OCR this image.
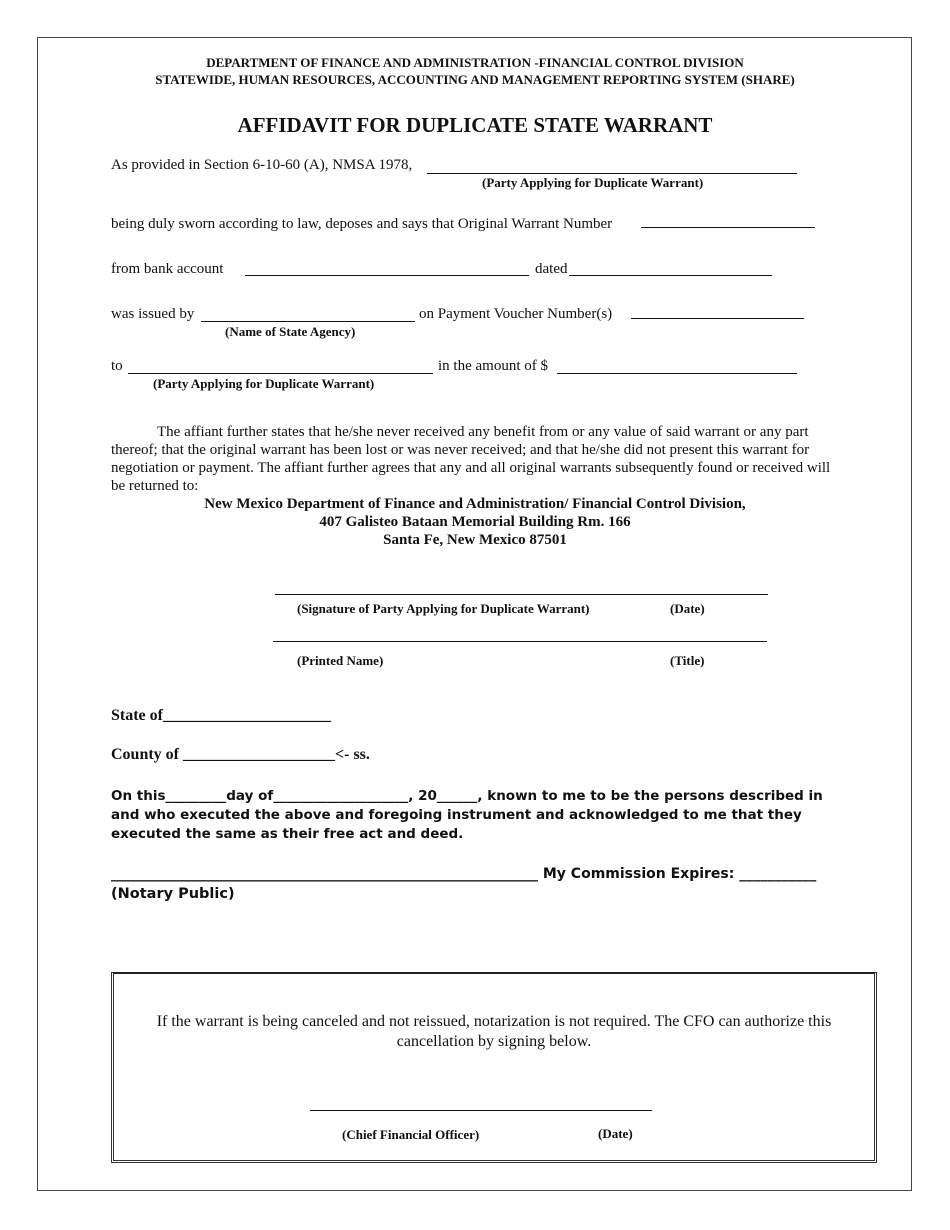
DEPARTMENT OF FINANCE AND ADMINISTRATION -FINANCIAL CONTROL DIVISION
STATEWIDE, HUMAN RESOURCES, ACCOUNTING AND MANAGEMENT REPORTING SYSTEM (SHARE)
AFFIDAVIT FOR DUPLICATE STATE WARRANT
As provided in Section 6-10-60 (A), NMSA 1978,
(Party Applying for Duplicate Warrant)
being duly sworn according to law, deposes and says that Original Warrant Number
from bank account	dated
was issued by	on Payment Voucher Number(s)
(Name of State Agency)
to	in the amount of $
(Party Applying for Duplicate Warrant)
The affiant further states that he/she never received any benefit from or any value of said warrant or any part thereof; that the original warrant has been lost or was never received; and that he/she did not present this warrant for negotiation or payment. The affiant further agrees that any and all original warrants subsequently found or received will be returned to:
New Mexico Department of Finance and Administration/ Financial Control Division,
407 Galisteo Bataan Memorial Building Rm. 166
Santa Fe, New Mexico 87501
(Signature of Party Applying for Duplicate Warrant)	(Date)
(Printed Name)	(Title)
State of_____________________
County of ___________________<- ss.
On this_________day of____________________, 20______, known to me to be the persons described in and who executed the above and foregoing instrument and acknowledged to me that they executed the same as their free act and deed.
_____________________________________________________________ My Commission Expires: ___________
(Notary Public)
If the warrant is being canceled and not reissued, notarization is not required. The CFO can authorize this cancellation by signing below.
(Chief Financial Officer)	(Date)
